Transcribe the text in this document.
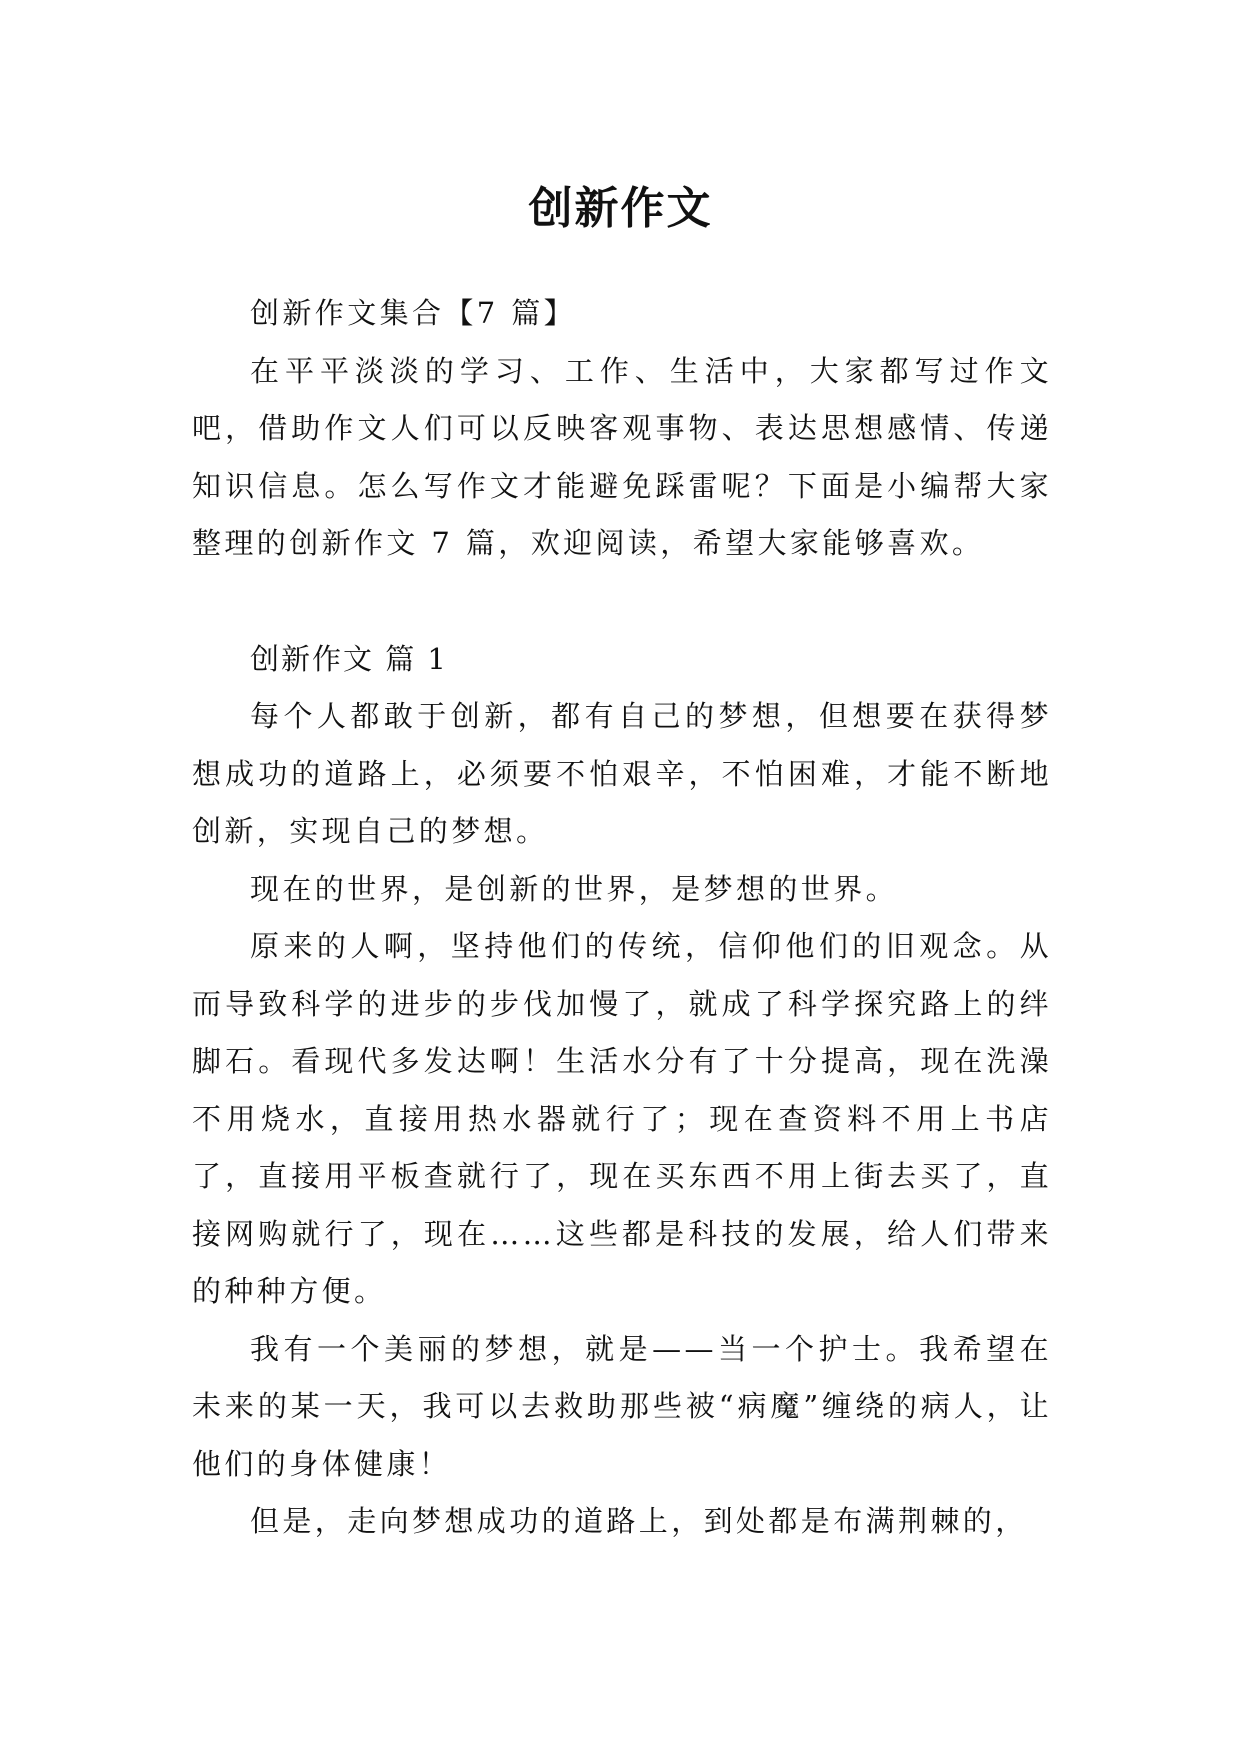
创新作文

创新作文集合【7 篇】

在平平淡淡的学习、工作、生活中，大家都写过作文吧，借助作文人们可以反映客观事物、表达思想感情、传递知识信息。怎么写作文才能避免踩雷呢？下面是小编帮大家整理的创新作文 7 篇，欢迎阅读，希望大家能够喜欢。

创新作文 篇 1

每个人都敢于创新，都有自己的梦想，但想要在获得梦想成功的道路上，必须要不怕艰辛，不怕困难，才能不断地创新，实现自己的梦想。

现在的世界，是创新的世界，是梦想的世界。

原来的人啊，坚持他们的传统，信仰他们的旧观念。从而导致科学的进步的步伐加慢了，就成了科学探究路上的绊脚石。看现代多发达啊！生活水分有了十分提高，现在洗澡不用烧水，直接用热水器就行了；现在查资料不用上书店了，直接用平板查就行了，现在买东西不用上街去买了，直接网购就行了，现在……这些都是科技的发展，给人们带来的种种方便。

我有一个美丽的梦想，就是——当一个护士。我希望在未来的某一天，我可以去救助那些被“病魔”缠绕的病人，让他们的身体健康！

但是，走向梦想成功的道路上，到处都是布满荆棘的，
